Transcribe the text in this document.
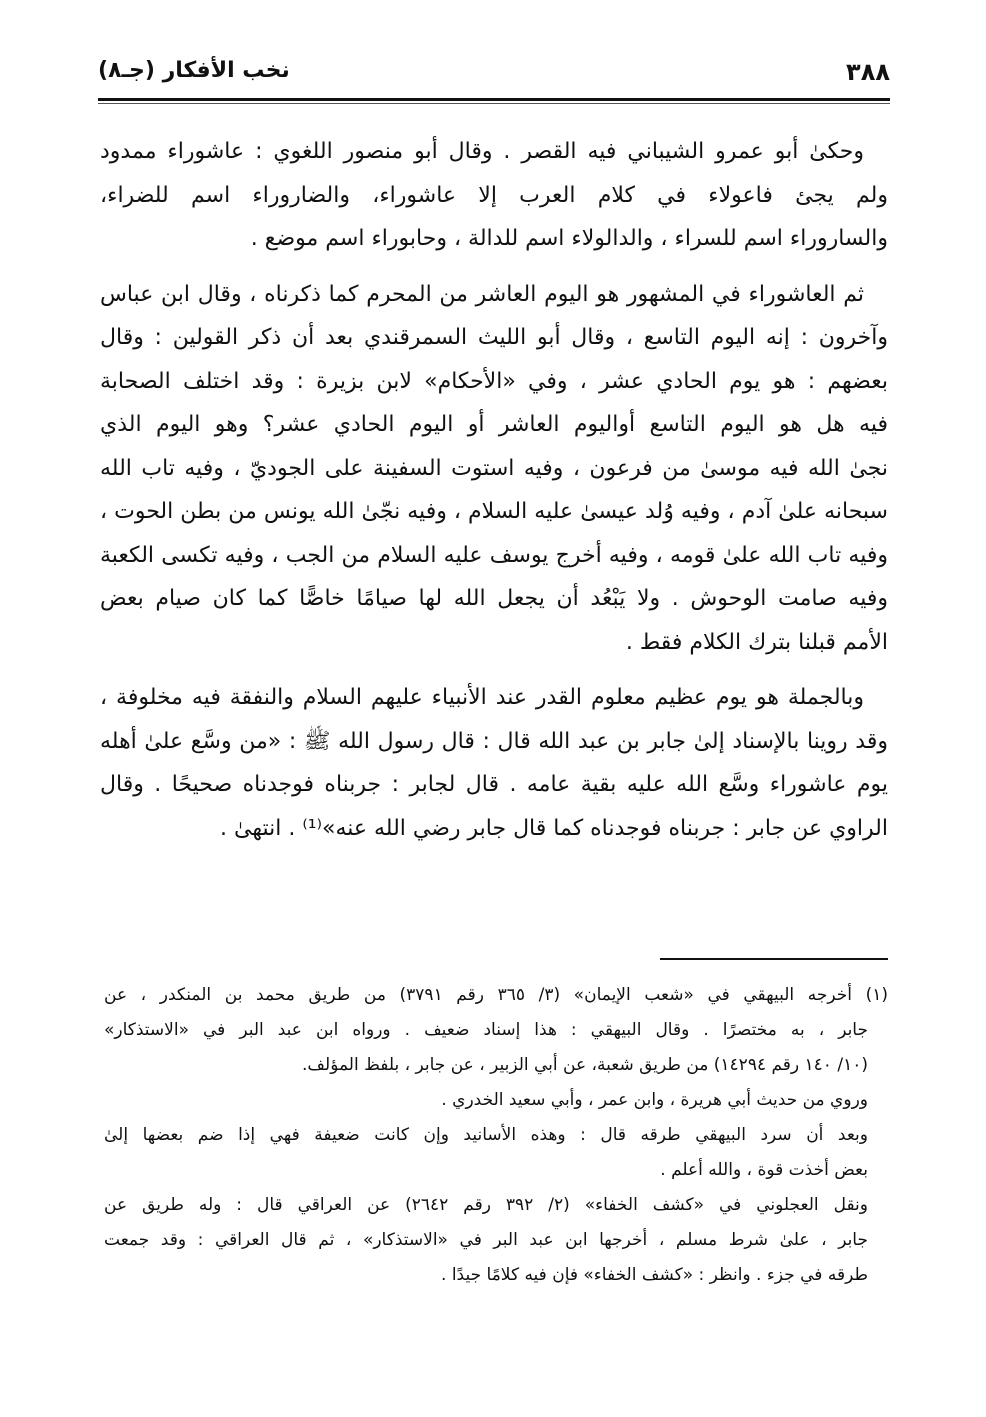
٣٨٨
نخب الأفكار (جـ٨)
وحكىٰ أبو عمرو الشيباني فيه القصر . وقال أبو منصور اللغوي : عاشوراء ممدود
ولم يجئ فاعولاء في كلام العرب إلا عاشوراء، والضاروراء اسم للضراء،
والساروراء اسم للسراء ، والدالولاء اسم للدالة ، وحابوراء اسم موضع .
ثم العاشوراء في المشهور هو اليوم العاشر من المحرم كما ذكرناه ، وقال ابن عباس
وآخرون : إنه اليوم التاسع ، وقال أبو الليث السمرقندي بعد أن ذكر القولين : وقال
بعضهم : هو يوم الحادي عشر ، وفي «الأحكام» لابن بزيرة : وقد اختلف الصحابة
فيه هل هو اليوم التاسع أواليوم العاشر أو اليوم الحادي عشر؟ وهو اليوم الذي
نجىٰ الله فيه موسىٰ من فرعون ، وفيه استوت السفينة على الجوديّ ، وفيه تاب الله
سبحانه علىٰ آدم ، وفيه وُلد عيسىٰ عليه السلام ، وفيه نجّىٰ الله يونس من بطن الحوت ،
وفيه تاب الله علىٰ قومه ، وفيه أخرج يوسف عليه السلام من الجب ، وفيه تكسى الكعبة
وفيه صامت الوحوش . ولا يَبْعُد أن يجعل الله لها صيامًا خاصًّا كما كان صيام بعض
الأمم قبلنا بترك الكلام فقط .
وبالجملة هو يوم عظيم معلوم القدر عند الأنبياء عليهم السلام والنفقة فيه مخلوفة ،
وقد روينا بالإسناد إلىٰ جابر بن عبد الله قال : قال رسول الله ﷺ : «من وسَّع علىٰ أهله
يوم عاشوراء وسَّع الله عليه بقية عامه . قال لجابر : جربناه فوجدناه صحيحًا . وقال
الراوي عن جابر : جربناه فوجدناه كما قال جابر رضي الله عنه»⁽¹⁾ . انتهىٰ .
(١) أخرجه البيهقي في «شعب الإيمان» (٣/ ٣٦٥ رقم ٣٧٩١) من طريق محمد بن المنكدر ، عن
جابر ، به مختصرًا . وقال البيهقي : هذا إسناد ضعيف . ورواه ابن عبد البر في «الاستذكار»
(١٠/ ١٤٠ رقم ١٤٢٩٤) من طريق شعبة، عن أبي الزبير ، عن جابر ، بلفظ المؤلف.
وروي من حديث أبي هريرة ، وابن عمر ، وأبي سعيد الخدري .
وبعد أن سرد البيهقي طرقه قال : وهذه الأسانيد وإن كانت ضعيفة فهي إذا ضم بعضها إلىٰ
بعض أخذت قوة ، والله أعلم .
ونقل العجلوني في «كشف الخفاء» (٢/ ٣٩٢ رقم ٢٦٤٢) عن العراقي قال : وله طريق عن
جابر ، علىٰ شرط مسلم ، أخرجها ابن عبد البر في «الاستذكار» ، ثم قال العراقي : وقد جمعت
طرقه في جزء . وانظر : «كشف الخفاء» فإن فيه كلامًا جيدًا .
